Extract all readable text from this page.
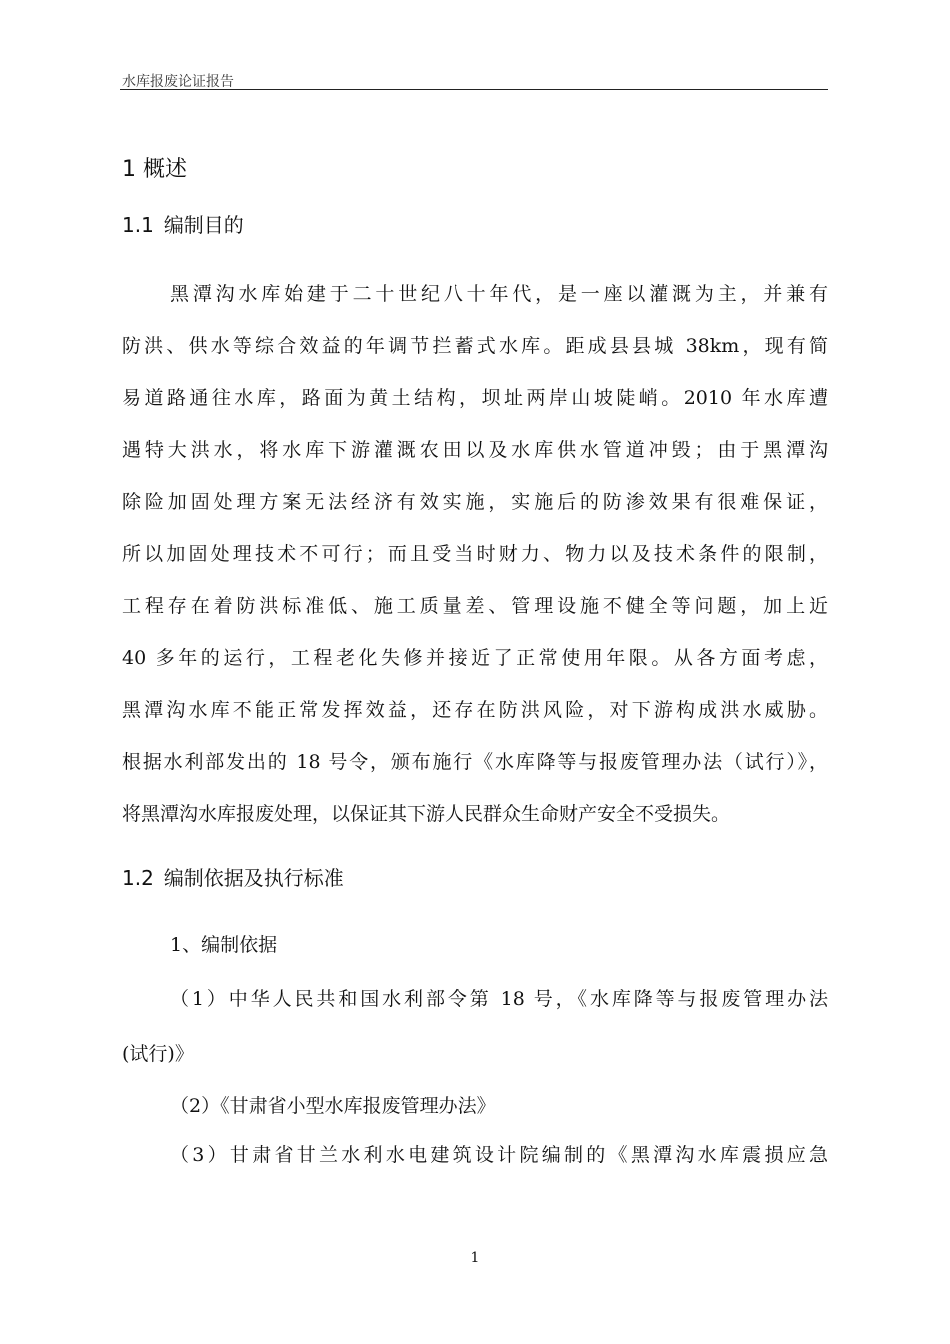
水库报废论证报告
1 概述
1.1 编制目的
黑潭沟水库始建于二十世纪八十年代，是一座以灌溉为主，并兼有
防洪、供水等综合效益的年调节拦蓄式水库。距成县县城 38km，现有简
易道路通往水库，路面为黄土结构，坝址两岸山坡陡峭。2010 年水库遭
遇特大洪水，将水库下游灌溉农田以及水库供水管道冲毁；由于黑潭沟
除险加固处理方案无法经济有效实施，实施后的防渗效果有很难保证，
所以加固处理技术不可行；而且受当时财力、物力以及技术条件的限制，
工程存在着防洪标准低、施工质量差、管理设施不健全等问题，加上近
40 多年的运行，工程老化失修并接近了正常使用年限。从各方面考虑，
黑潭沟水库不能正常发挥效益，还存在防洪风险，对下游构成洪水威胁。
根据水利部发出的 18 号令，颁布施行《水库降等与报废管理办法（试行）》，
将黑潭沟水库报废处理，以保证其下游人民群众生命财产安全不受损失。
1.2 编制依据及执行标准
1、编制依据
（1）中华人民共和国水利部令第 18 号，《水库降等与报废管理办法
(试行)》
（2）《甘肃省小型水库报废管理办法》
（3）甘肃省甘兰水利水电建筑设计院编制的《黑潭沟水库震损应急
1
